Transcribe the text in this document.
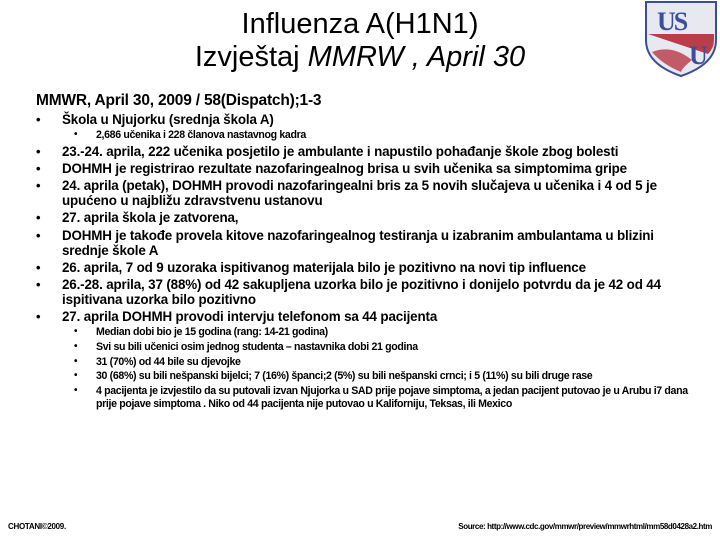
Influenza A(H1N1)
Izvještaj MMRW , April 30
U
S
U
MMWR, April 30, 2009 / 58(Dispatch);1-3
• Škola u Njujorku (srednja škola A)
• 2,686 učenika i 228 članova nastavnog kadra
• 23.-24. aprila, 222 učenika posjetilo je ambulante i napustilo pohađanje škole zbog bolesti
• DOHMH je registrirao rezultate nazofaringealnog brisa u svih učenika sa simptomima gripe
• 24. aprila (petak), DOHMH provodi nazofaringealni bris za 5 novih slučajeva u učenika i 4 od 5 je upućeno u najbližu zdravstvenu ustanovu
• 27. aprila škola je zatvorena,
• DOHMH je takođe provela kitove nazofaringealnog testiranja u izabranim ambulantama u blizini srednje škole A
• 26. aprila, 7 od 9 uzoraka ispitivanog materijala bilo je pozitivno na novi tip influence
• 26.-28. aprila, 37 (88%) od 42 sakupljena uzorka bilo je pozitivno i donijelo potvrdu da je 42 od 44 ispitivana uzorka bilo pozitivno
• 27. aprila DOHMH provodi intervju telefonom sa 44 pacijenta
• Median dobi bio je 15 godina (rang: 14-21 godina)
• Svi su bili učenici osim jednog studenta – nastavnika dobi 21 godina
• 31 (70%) od 44 bile su djevojke
• 30 (68%) su bili nešpanski bijelci; 7 (16%) španci;2 (5%) su bili nešpanski crnci; i 5 (11%) su bili druge rase
• 4 pacijenta je izvjestilo da su putovali izvan Njujorka u SAD prije pojave simptoma, a jedan pacijent putovao je u Arubu i7 dana prije pojave simptoma . Niko od 44 pacijenta nije putovao u Kaliforniju, Teksas, ili Mexico
CHOTANI©2009.	Source: http://www.cdc.gov/mmwr/preview/mmwrhtml/mm58d0428a2.htm
